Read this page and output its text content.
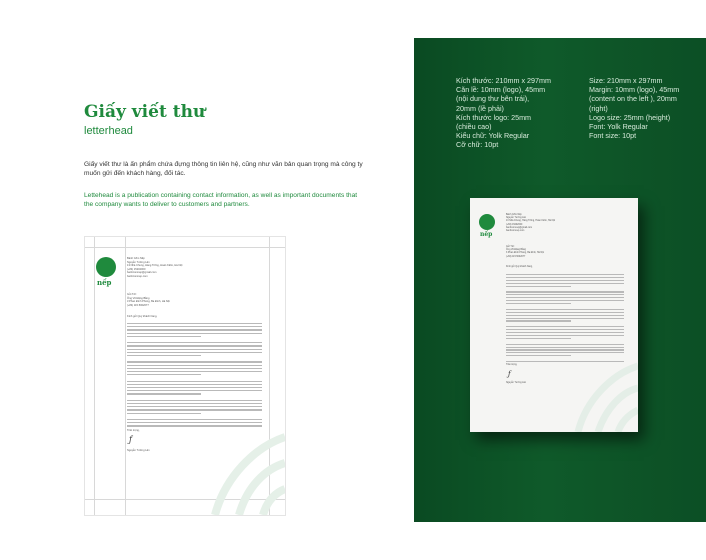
Giấy viết thư
letterhead
Giấy viết thư là ấn phẩm chứa đựng thông tin liên hệ, cũng như văn bản quan trọng mà công ty muốn gửi đến khách hàng, đối tác.
Lettehead is a publication containing contact information, as well as important documents that the company wants to deliver to customers and partners.
nếp
Bánh Cốm Nếp
Nguyễn Tường Lân
13 Nhà Chung, Hàng Trống, Hoàn Kiếm, Hà Nội
(+84) 15202000
banhcomnep@gmail.com
banhcomnep.com
Gửi Tới:
Ông Vũ Đặng Bằng
3 Phan Đình Phùng, Ba Đình, Hà Nội
(+84) 115.5002077
Kính gửi Quý khách hàng,
Trân trọng,
ƒ
Nguyễn Tường Lân
Kích thước: 210mm x 297mm
Căn lề: 10mm (logo), 45mm
(nội dung thư bên trái),
20mm (lề phải)
Kích thước logo: 25mm
(chiều cao)
Kiểu chữ: Yolk Regular
Cỡ chữ: 10pt
Size: 210mm x 297mm
Margin: 10mm (logo), 45mm
(content on the left ), 20mm
(right)
Logo size: 25mm (height)
Font: Yolk Regular
Font size: 10pt
nếp
Bánh Cốm Nếp
Nguyễn Tường Lân
13 Nhà Chung, Hàng Trống, Hoàn Kiếm, Hà Nội
(+84) 15202000
banhcomnep@gmail.com
banhcomnep.com
Gửi Tới:
Ông Vũ Đặng Bằng
3 Phan Đình Phùng, Ba Đình, Hà Nội
(+84) 115.5002077
Kính gửi Quý khách hàng,
Trân trọng,
ƒ
Nguyễn Tường Lân
